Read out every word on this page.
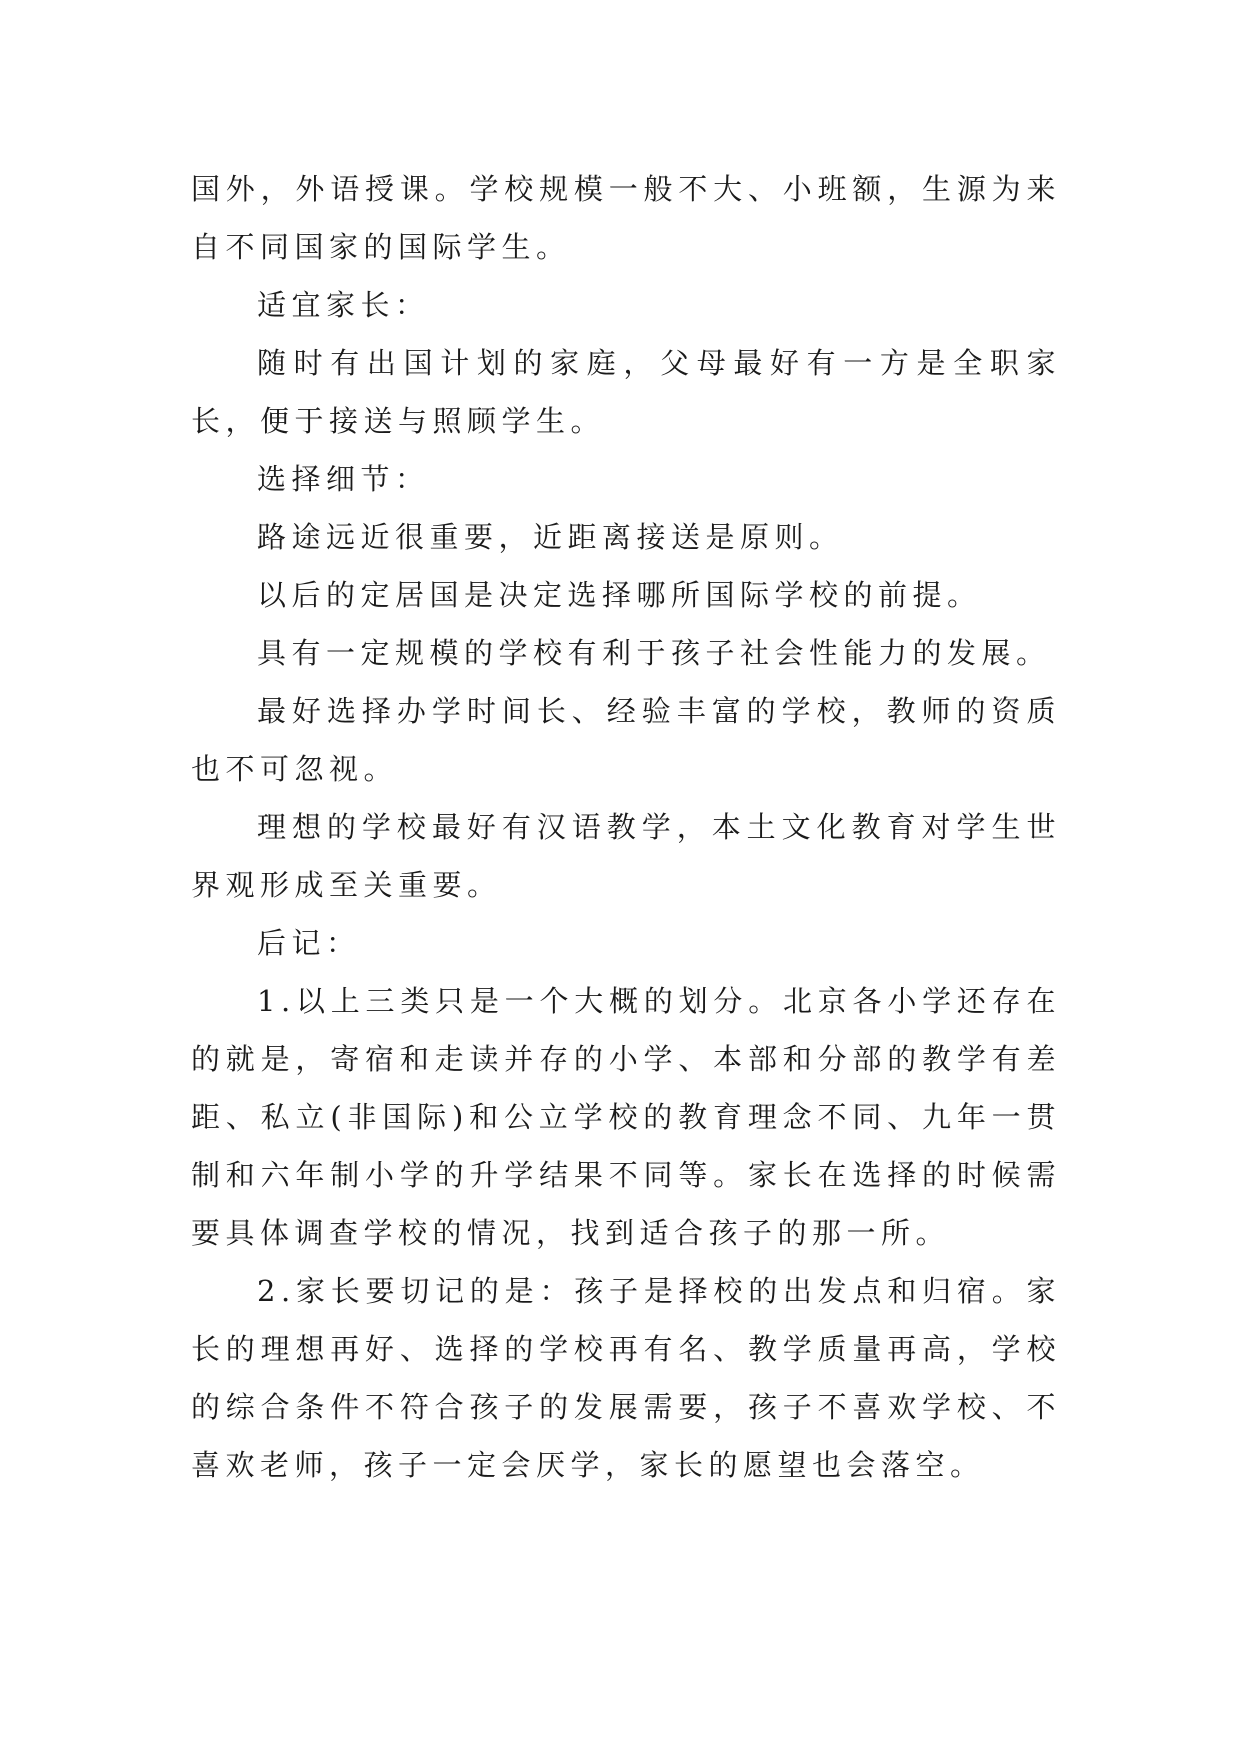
国外，外语授课。学校规模一般不大、小班额，生源为来自不同国家的国际学生。

适宜家长：

随时有出国计划的家庭，父母最好有一方是全职家长，便于接送与照顾学生。

选择细节：

路途远近很重要，近距离接送是原则。

以后的定居国是决定选择哪所国际学校的前提。

具有一定规模的学校有利于孩子社会性能力的发展。

最好选择办学时间长、经验丰富的学校，教师的资质也不可忽视。

理想的学校最好有汉语教学，本土文化教育对学生世界观形成至关重要。

后记：

1.以上三类只是一个大概的划分。北京各小学还存在的就是，寄宿和走读并存的小学、本部和分部的教学有差距、私立(非国际)和公立学校的教育理念不同、九年一贯制和六年制小学的升学结果不同等。家长在选择的时候需要具体调查学校的情况，找到适合孩子的那一所。

2.家长要切记的是：孩子是择校的出发点和归宿。家长的理想再好、选择的学校再有名、教学质量再高，学校的综合条件不符合孩子的发展需要，孩子不喜欢学校、不喜欢老师，孩子一定会厌学，家长的愿望也会落空。
